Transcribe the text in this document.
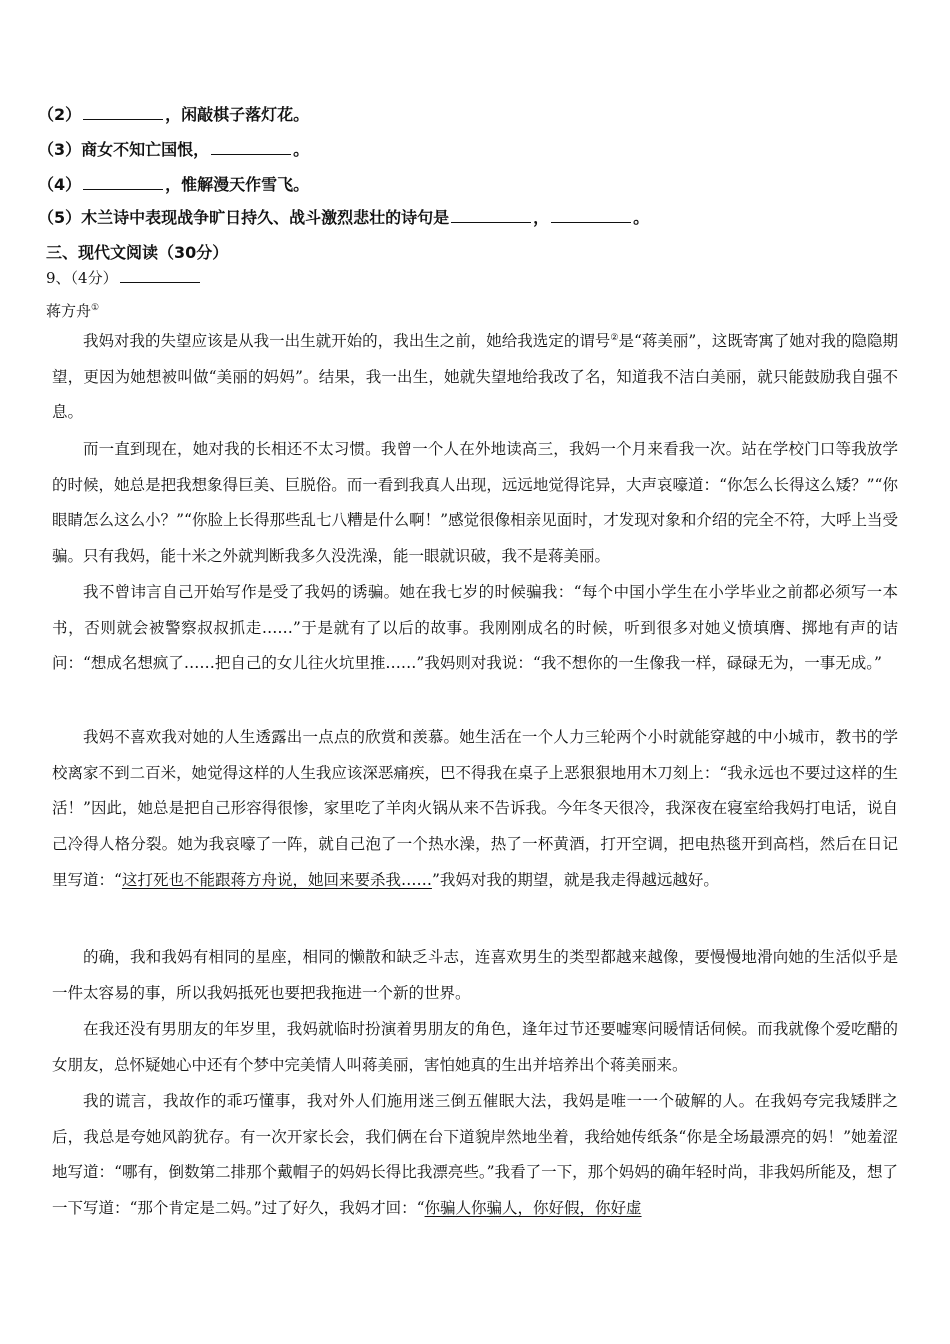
（2）	，闲敲棋子落灯花。
（3）商女不知亡国恨，	。
（4）	，惟解漫天作雪飞。
（5）木兰诗中表现战争旷日持久、战斗激烈悲壮的诗句是	，	。
三、现代文阅读（30分）
9、（4分）
蒋方舟①

我妈对我的失望应该是从我一出生就开始的，我出生之前，她给我选定的谓号②是“蒋美丽”，这既寄寓了她对我的隐隐期望，更因为她想被叫做“美丽的妈妈”。结果，我一出生，她就失望地给我改了名，知道我不洁白美丽，就只能鼓励我自强不息。

而一直到现在，她对我的长相还不太习惯。我曾一个人在外地读高三，我妈一个月来看我一次。站在学校门口等我放学的时候，她总是把我想象得巨美、巨脱俗。而一看到我真人出现，远远地觉得诧异，大声哀嚎道：“你怎么长得这么矮？”“你眼睛怎么这么小？”“你脸上长得那些乱七八糟是什么啊！”感觉很像相亲见面时，才发现对象和介绍的完全不符，大呼上当受骗。只有我妈，能十米之外就判断我多久没洗澡，能一眼就识破，我不是蒋美丽。

我不曾讳言自己开始写作是受了我妈的诱骗。她在我七岁的时候骗我：“每个中国小学生在小学毕业之前都必须写一本书，否则就会被警察叔叔抓走……”于是就有了以后的故事。我刚刚成名的时候，听到很多对她义愤填膺、掷地有声的诘问：“想成名想疯了……把自己的女儿往火坑里推……”我妈则对我说：“我不想你的一生像我一样，碌碌无为，一事无成。”

我妈不喜欢我对她的人生透露出一点点的欣赏和羡慕。她生活在一个人力三轮两个小时就能穿越的中小城市，教书的学校离家不到二百米，她觉得这样的人生我应该深恶痛疾，巴不得我在桌子上恶狠狠地用木刀刻上：“我永远也不要过这样的生活！”因此，她总是把自己形容得很惨，家里吃了羊肉火锅从来不告诉我。今年冬天很冷，我深夜在寝室给我妈打电话，说自己冷得人格分裂。她为我哀嚎了一阵，就自己泡了一个热水澡，热了一杯黄酒，打开空调，把电热毯开到高档，然后在日记里写道：“这打死也不能跟蒋方舟说，她回来要杀我……”我妈对我的期望，就是我走得越远越好。

的确，我和我妈有相同的星座，相同的懒散和缺乏斗志，连喜欢男生的类型都越来越像，要慢慢地滑向她的生活似乎是一件太容易的事，所以我妈抵死也要把我拖进一个新的世界。

在我还没有男朋友的年岁里，我妈就临时扮演着男朋友的角色，逢年过节还要嘘寒问暖情话伺候。而我就像个爱吃醋的女朋友，总怀疑她心中还有个梦中完美情人叫蒋美丽，害怕她真的生出并培养出个蒋美丽来。

我的谎言，我故作的乖巧懂事，我对外人们施用迷三倒五催眠大法，我妈是唯一一个破解的人。在我妈夸完我矮胖之后，我总是夸她风韵犹存。有一次开家长会，我们俩在台下道貌岸然地坐着，我给她传纸条“你是全场最漂亮的妈！”她羞涩地写道：“哪有，倒数第二排那个戴帽子的妈妈长得比我漂亮些。”我看了一下，那个妈妈的确年轻时尚，非我妈所能及，想了一下写道：“那个肯定是二妈。”过了好久，我妈才回：“你骗人你骗人，你好假，你好虚
